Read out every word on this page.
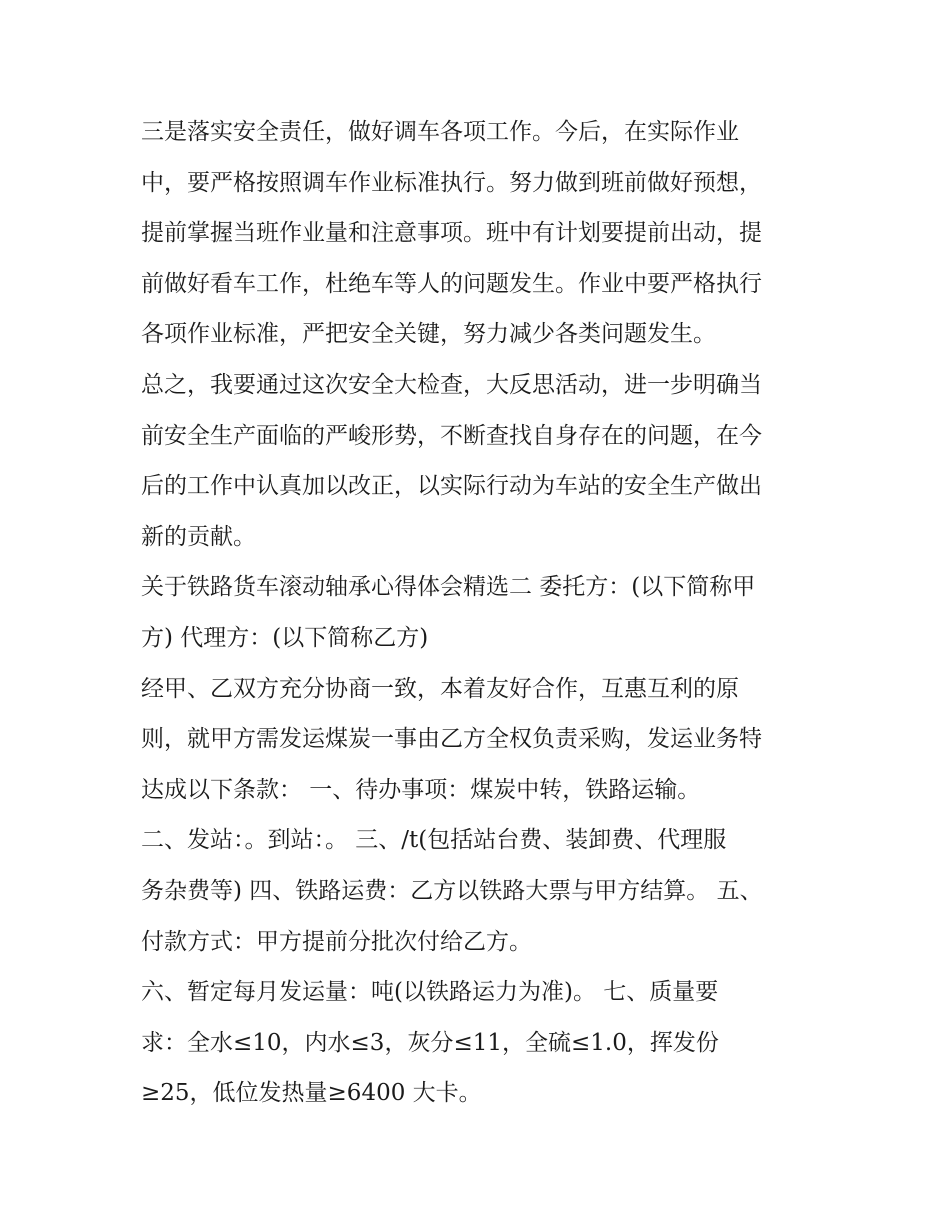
三是落实安全责任，做好调车各项工作。今后，在实际作业
中，要严格按照调车作业标准执行。努力做到班前做好预想，
提前掌握当班作业量和注意事项。班中有计划要提前出动，提
前做好看车工作，杜绝车等人的问题发生。作业中要严格执行
各项作业标准，严把安全关键，努力减少各类问题发生。
总之，我要通过这次安全大检查，大反思活动，进一步明确当
前安全生产面临的严峻形势，不断查找自身存在的问题，在今
后的工作中认真加以改正，以实际行动为车站的安全生产做出
新的贡献。
关于铁路货车滚动轴承心得体会精选二 委托方：(以下简称甲
方) 代理方：(以下简称乙方)
经甲、乙双方充分协商一致，本着友好合作，互惠互利的原
则，就甲方需发运煤炭一事由乙方全权负责采购，发运业务特
达成以下条款： 一、待办事项：煤炭中转，铁路运输。
二、发站：。到站：。 三、/t(包括站台费、装卸费、代理服
务杂费等) 四、铁路运费：乙方以铁路大票与甲方结算。 五、
付款方式：甲方提前分批次付给乙方。
六、暂定每月发运量：吨(以铁路运力为准)。 七、质量要
求：全水≤10，内水≤3，灰分≤11，全硫≤1.0，挥发份
≥25，低位发热量≥6400 大卡。
